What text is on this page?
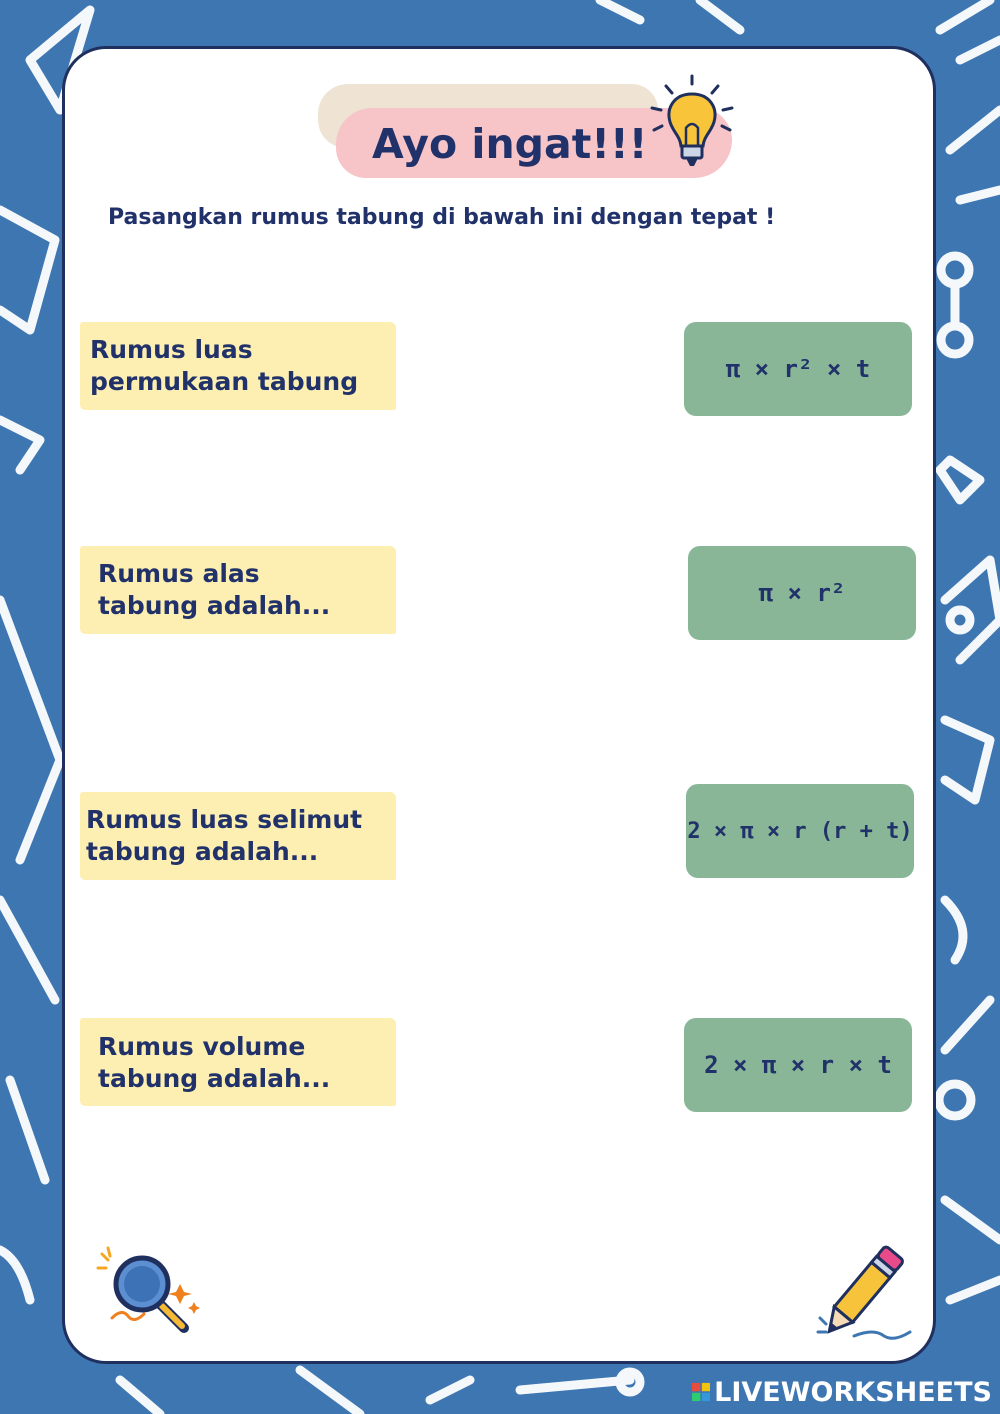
Ayo ingat!!!
Pasangkan rumus tabung di bawah ini dengan tepat !
Rumus luas
permukaan tabung
Rumus alas
tabung adalah...
Rumus luas selimut
tabung adalah...
Rumus volume
tabung adalah...
π × r² × t
π × r²
2 × π × r (r + t)
2 × π × r × t
LIVEWORKSHEETS
